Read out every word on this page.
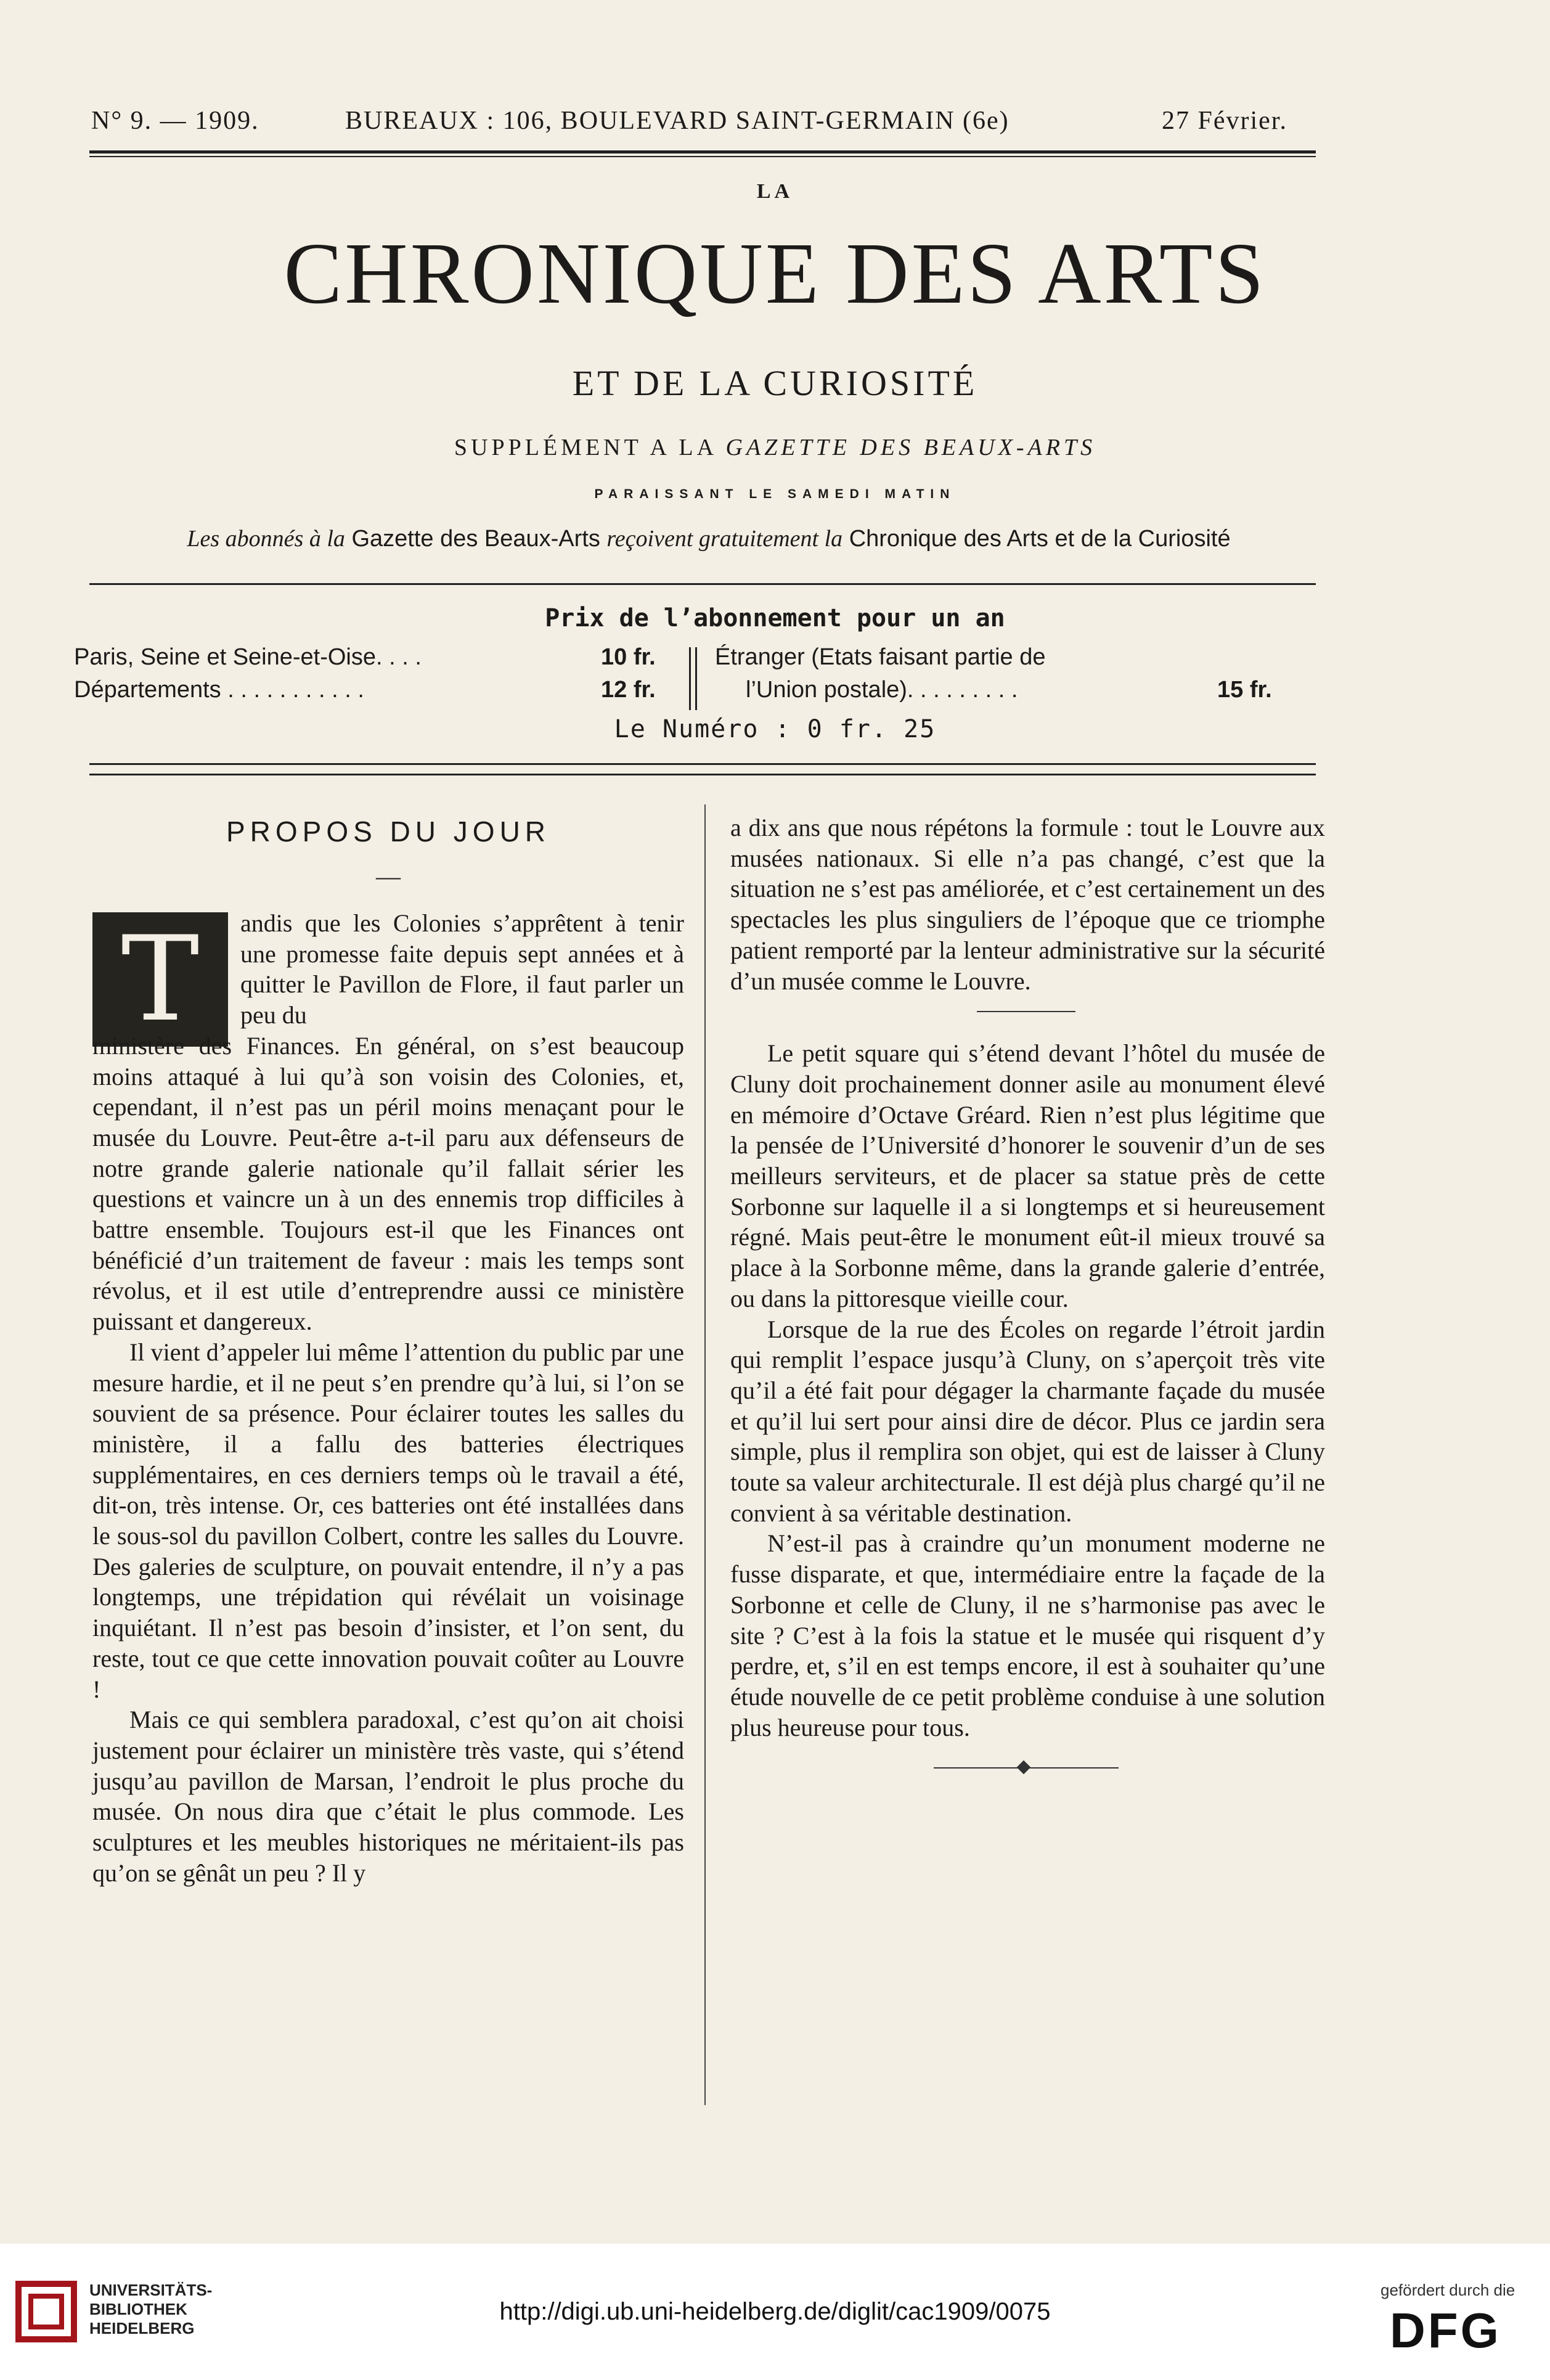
N° 9. — 1909.	BUREAUX : 106, BOULEVARD SAINT-GERMAIN (6e)	27 Février.
LA
CHRONIQUE DES ARTS
ET DE LA CURIOSITÉ
SUPPLÉMENT A LA GAZETTE DES BEAUX-ARTS
PARAISSANT LE SAMEDI MATIN
Les abonnés à la Gazette des Beaux-Arts reçoivent gratuitement la Chronique des Arts et de la Curiosité
Prix de l’abonnement pour un an
Paris, Seine et Seine-et-Oise. . . .	10 fr.
Départements . . . . . . . . . . .	12 fr.
Étranger (Etats faisant partie de
l’Union postale). . . . . . . . .	15 fr.
Le Numéro : 0 fr. 25
PROPOS DU JOUR
—
T	andis que les Colonies s’apprêtent à tenir une promesse faite depuis sept années et à quitter le Pavillon de Flore, il faut parler un peu du

ministère des Finances. En général, on s’est beaucoup moins attaqué à lui qu’à son voisin des Colonies, et, cependant, il n’est pas un péril moins menaçant pour le musée du Louvre. Peut-être a-t-il paru aux défenseurs de notre grande galerie nationale qu’il fallait sérier les questions et vaincre un à un des ennemis trop difficiles à battre ensemble. Toujours est-il que les Finances ont bénéficié d’un traitement de faveur : mais les temps sont révolus, et il est utile d’entreprendre aussi ce ministère puissant et dangereux.

Il vient d’appeler lui même l’attention du public par une mesure hardie, et il ne peut s’en prendre qu’à lui, si l’on se souvient de sa présence. Pour éclairer toutes les salles du ministère, il a fallu des batteries électriques supplémentaires, en ces derniers temps où le travail a été, dit-on, très intense. Or, ces batteries ont été installées dans le sous-sol du pavillon Colbert, contre les salles du Louvre. Des galeries de sculpture, on pouvait entendre, il n’y a pas longtemps, une trépidation qui révélait un voisinage inquiétant. Il n’est pas besoin d’insister, et l’on sent, du reste, tout ce que cette innovation pouvait coûter au Louvre !

Mais ce qui semblera paradoxal, c’est qu’on ait choisi justement pour éclairer un ministère très vaste, qui s’étend jusqu’au pavillon de Marsan, l’endroit le plus proche du musée. On nous dira que c’était le plus commode. Les sculptures et les meubles historiques ne méritaient-ils pas qu’on se gênât un peu ? Il y

a dix ans que nous répétons la formule : tout le Louvre aux musées nationaux. Si elle n’a pas changé, c’est que la situation ne s’est pas améliorée, et c’est certainement un des spectacles les plus singuliers de l’époque que ce triomphe patient remporté par la lenteur administrative sur la sécurité d’un musée comme le Louvre.

Le petit square qui s’étend devant l’hôtel du musée de Cluny doit prochainement donner asile au monument élevé en mémoire d’Octave Gréard. Rien n’est plus légitime que la pensée de l’Université d’honorer le souvenir d’un de ses meilleurs serviteurs, et de placer sa statue près de cette Sorbonne sur laquelle il a si longtemps et si heureusement régné. Mais peut-être le monument eût-il mieux trouvé sa place à la Sorbonne même, dans la grande galerie d’entrée, ou dans la pittoresque vieille cour.

Lorsque de la rue des Écoles on regarde l’étroit jardin qui remplit l’espace jusqu’à Cluny, on s’aperçoit très vite qu’il a été fait pour dégager la charmante façade du musée et qu’il lui sert pour ainsi dire de décor. Plus ce jardin sera simple, plus il remplira son objet, qui est de laisser à Cluny toute sa valeur architecturale. Il est déjà plus chargé qu’il ne convient à sa véritable destination.

N’est-il pas à craindre qu’un monument moderne ne fusse disparate, et que, intermédiaire entre la façade de la Sorbonne et celle de Cluny, il ne s’harmonise pas avec le site ? C’est à la fois la statue et le musée qui risquent d’y perdre, et, s’il en est temps encore, il est à souhaiter qu’une étude nouvelle de ce petit problème conduise à une solution plus heureuse pour tous.

UNIVERSITÄTS-
BIBLIOTHEK
HEIDELBERG
http://digi.ub.uni-heidelberg.de/diglit/cac1909/0075
gefördert durch die
DFG
